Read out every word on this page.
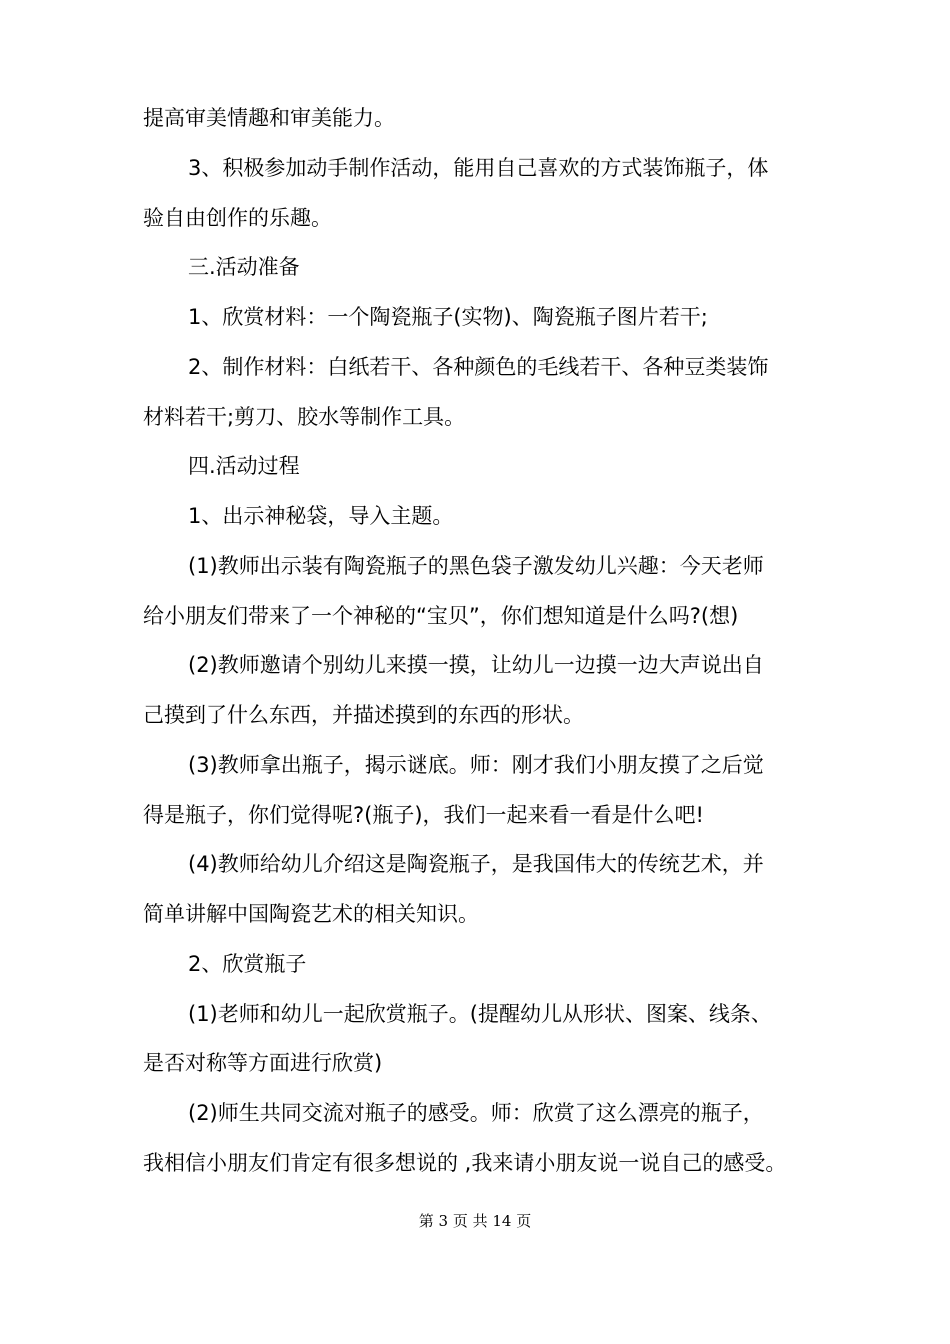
提高审美情趣和审美能力。
3、积极参加动手制作活动，能用自己喜欢的方式装饰瓶子，体
验自由创作的乐趣。
三.活动准备
1、欣赏材料：一个陶瓷瓶子(实物)、陶瓷瓶子图片若干;
2、制作材料：白纸若干、各种颜色的毛线若干、各种豆类装饰
材料若干;剪刀、胶水等制作工具。
四.活动过程
1、出示神秘袋，导入主题。
(1)教师出示装有陶瓷瓶子的黑色袋子激发幼儿兴趣：今天老师
给小朋友们带来了一个神秘的“宝贝”，你们想知道是什么吗?(想)
(2)教师邀请个别幼儿来摸一摸，让幼儿一边摸一边大声说出自
己摸到了什么东西，并描述摸到的东西的形状。
(3)教师拿出瓶子，揭示谜底。师：刚才我们小朋友摸了之后觉
得是瓶子，你们觉得呢?(瓶子)，我们一起来看一看是什么吧!
(4)教师给幼儿介绍这是陶瓷瓶子，是我国伟大的传统艺术，并
简单讲解中国陶瓷艺术的相关知识。
2、欣赏瓶子
(1)老师和幼儿一起欣赏瓶子。(提醒幼儿从形状、图案、线条、
是否对称等方面进行欣赏)
(2)师生共同交流对瓶子的感受。师：欣赏了这么漂亮的瓶子，
我相信小朋友们肯定有很多想说的 ,我来请小朋友说一说自己的感受。
第 3 页 共 14 页
